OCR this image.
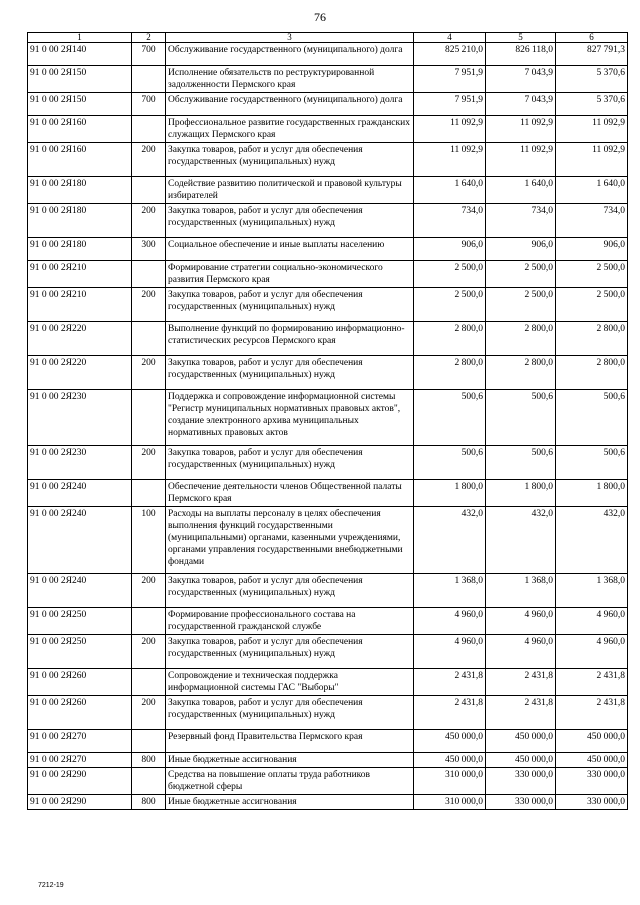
76
1	2	3	4	5	6
91 0 00 2Я140	700	Обслуживание государственного (муниципального) долга	825 210,0	826 118,0	827 791,3
91 0 00 2Я150		Исполнение обязательств по реструктурированной задолженности Пермского края	7 951,9	7 043,9	5 370,6
91 0 00 2Я150	700	Обслуживание государственного (муниципального) долга	7 951,9	7 043,9	5 370,6
91 0 00 2Я160		Профессиональное развитие государственных гражданских служащих Пермского края	11 092,9	11 092,9	11 092,9
91 0 00 2Я160	200	Закупка товаров, работ и услуг для обеспечения государственных (муниципальных) нужд	11 092,9	11 092,9	11 092,9
91 0 00 2Я180		Содействие развитию политической и правовой культуры избирателей	1 640,0	1 640,0	1 640,0
91 0 00 2Я180	200	Закупка товаров, работ и услуг для обеспечения государственных (муниципальных) нужд	734,0	734,0	734,0
91 0 00 2Я180	300	Социальное обеспечение и иные выплаты населению	906,0	906,0	906,0
91 0 00 2Я210		Формирование стратегии социально-экономического развития Пермского края	2 500,0	2 500,0	2 500,0
91 0 00 2Я210	200	Закупка товаров, работ и услуг для обеспечения государственных (муниципальных) нужд	2 500,0	2 500,0	2 500,0
91 0 00 2Я220		Выполнение функций по формированию информационно-статистических ресурсов Пермского края	2 800,0	2 800,0	2 800,0
91 0 00 2Я220	200	Закупка товаров, работ и услуг для обеспечения государственных (муниципальных) нужд	2 800,0	2 800,0	2 800,0
91 0 00 2Я230		Поддержка и сопровождение информационной системы "Регистр муниципальных нормативных правовых актов", создание электронного архива муниципальных нормативных правовых актов	500,6	500,6	500,6
91 0 00 2Я230	200	Закупка товаров, работ и услуг для обеспечения государственных (муниципальных) нужд	500,6	500,6	500,6
91 0 00 2Я240		Обеспечение деятельности членов Общественной палаты Пермского края	1 800,0	1 800,0	1 800,0
91 0 00 2Я240	100	Расходы на выплаты персоналу в целях обеспечения выполнения функций государственными (муниципальными) органами, казенными учреждениями, органами управления государственными внебюджетными фондами	432,0	432,0	432,0
91 0 00 2Я240	200	Закупка товаров, работ и услуг для обеспечения государственных (муниципальных) нужд	1 368,0	1 368,0	1 368,0
91 0 00 2Я250		Формирование профессионального состава на государственной гражданской службе	4 960,0	4 960,0	4 960,0
91 0 00 2Я250	200	Закупка товаров, работ и услуг для обеспечения государственных (муниципальных) нужд	4 960,0	4 960,0	4 960,0
91 0 00 2Я260		Сопровождение и техническая поддержка информационной системы ГАС "Выборы"	2 431,8	2 431,8	2 431,8
91 0 00 2Я260	200	Закупка товаров, работ и услуг для обеспечения государственных (муниципальных) нужд	2 431,8	2 431,8	2 431,8
91 0 00 2Я270		Резервный фонд Правительства Пермского края	450 000,0	450 000,0	450 000,0
91 0 00 2Я270	800	Иные бюджетные ассигнования	450 000,0	450 000,0	450 000,0
91 0 00 2Я290		Средства на повышение оплаты труда работников бюджетной сферы	310 000,0	330 000,0	330 000,0
91 0 00 2Я290	800	Иные бюджетные ассигнования	310 000,0	330 000,0	330 000,0
7212-19
